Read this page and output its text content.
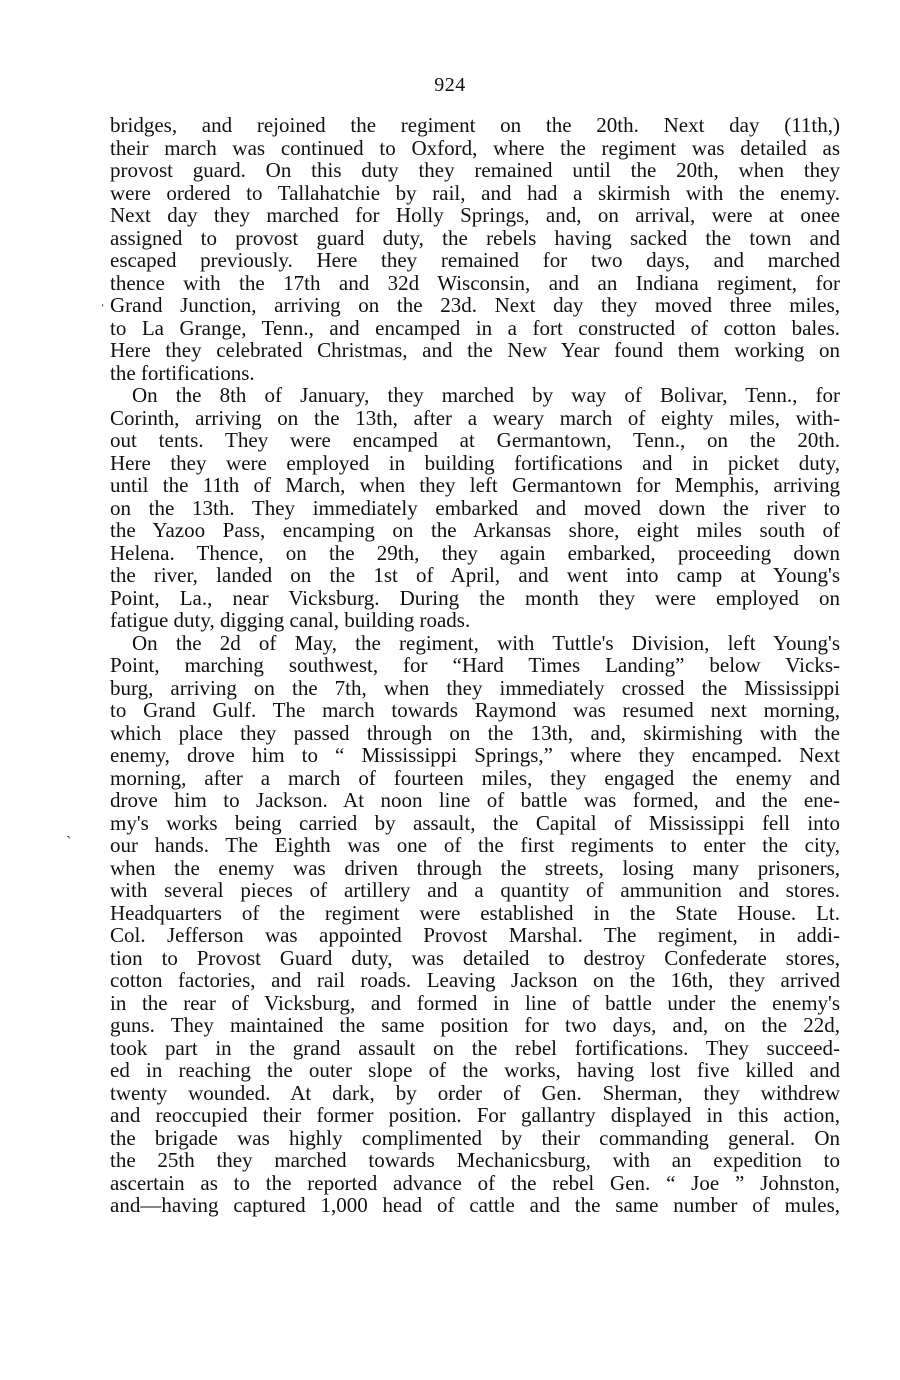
924
bridges, and rejoined the regiment on the 20th. Next day (11th,)
their march was continued to Oxford, where the regiment was detailed as
provost guard. On this duty they remained until the 20th, when they
were ordered to Tallahatchie by rail, and had a skirmish with the enemy.
Next day they marched for Holly Springs, and, on arrival, were at onee
assigned to provost guard duty, the rebels having sacked the town and
escaped previously. Here they remained for two days, and marched
thence with the 17th and 32d Wisconsin, and an Indiana regiment, for
Grand Junction, arriving on the 23d. Next day they moved three miles,
to La Grange, Tenn., and encamped in a fort constructed of cotton bales.
Here they celebrated Christmas, and the New Year found them working on
the fortifications.
On the 8th of January, they marched by way of Bolivar, Tenn., for
Corinth, arriving on the 13th, after a weary march of eighty miles, with-
out tents. They were encamped at Germantown, Tenn., on the 20th.
Here they were employed in building fortifications and in picket duty,
until the 11th of March, when they left Germantown for Memphis, arriving
on the 13th. They immediately embarked and moved down the river to
the Yazoo Pass, encamping on the Arkansas shore, eight miles south of
Helena. Thence, on the 29th, they again embarked, proceeding down
the river, landed on the 1st of April, and went into camp at Young's
Point, La., near Vicksburg. During the month they were employed on
fatigue duty, digging canal, building roads.
On the 2d of May, the regiment, with Tuttle's Division, left Young's
Point, marching southwest, for “Hard Times Landing” below Vicks-
burg, arriving on the 7th, when they immediately crossed the Mississippi
to Grand Gulf. The march towards Raymond was resumed next morning,
which place they passed through on the 13th, and, skirmishing with the
enemy, drove him to “ Mississippi Springs,” where they encamped. Next
morning, after a march of fourteen miles, they engaged the enemy and
drove him to Jackson. At noon line of battle was formed, and the ene-
my's works being carried by assault, the Capital of Mississippi fell into
our hands. The Eighth was one of the first regiments to enter the city,
when the enemy was driven through the streets, losing many prisoners,
with several pieces of artillery and a quantity of ammunition and stores.
Headquarters of the regiment were established in the State House. Lt.
Col. Jefferson was appointed Provost Marshal. The regiment, in addi-
tion to Provost Guard duty, was detailed to destroy Confederate stores,
cotton factories, and rail roads. Leaving Jackson on the 16th, they arrived
in the rear of Vicksburg, and formed in line of battle under the enemy's
guns. They maintained the same position for two days, and, on the 22d,
took part in the grand assault on the rebel fortifications. They succeed-
ed in reaching the outer slope of the works, having lost five killed and
twenty wounded. At dark, by order of Gen. Sherman, they withdrew
and reoccupied their former position. For gallantry displayed in this action,
the brigade was highly complimented by their commanding general. On
the 25th they marched towards Mechanicsburg, with an expedition to
ascertain as to the reported advance of the rebel Gen. “ Joe ” Johnston,
and—having captured 1,000 head of cattle and the same number of mules,
ˌ
ˏ
